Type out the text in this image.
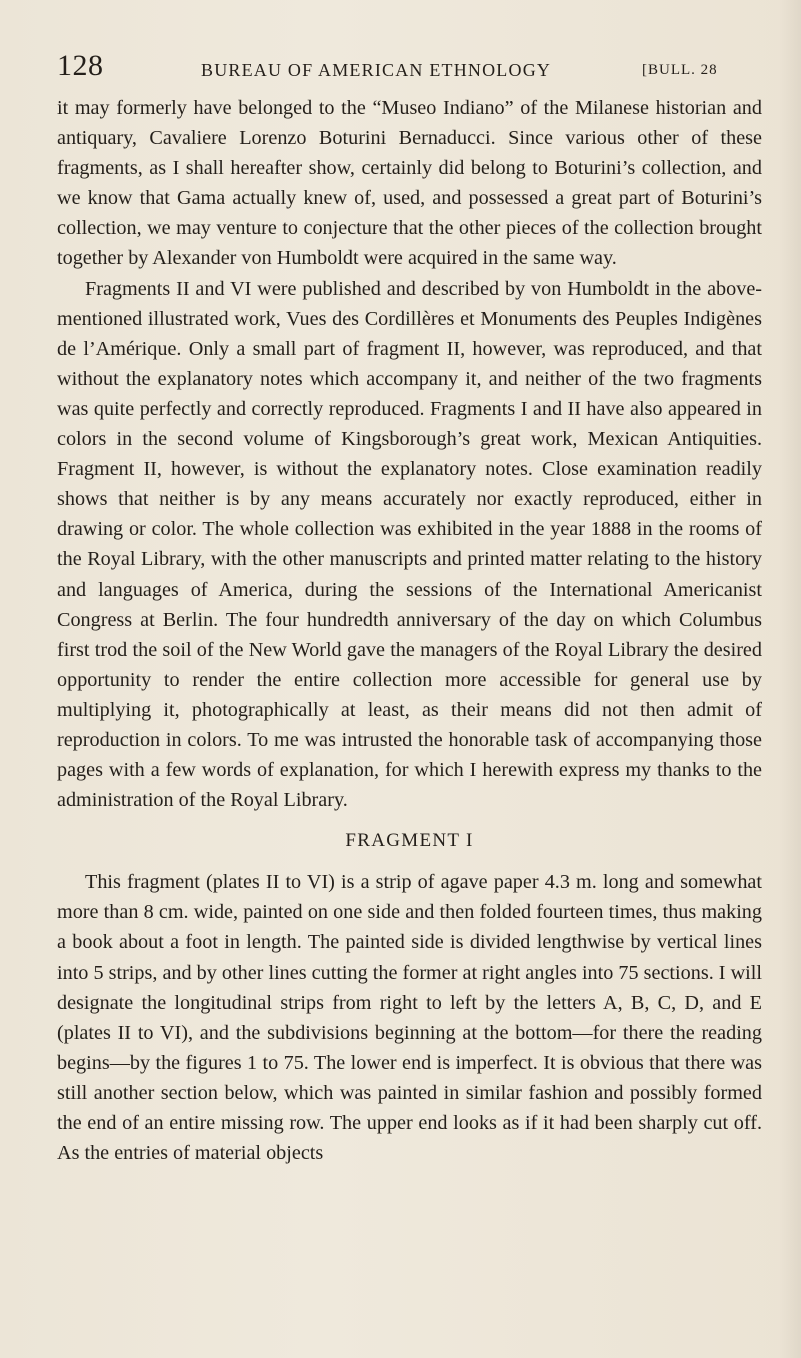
128	BUREAU OF AMERICAN ETHNOLOGY	[BULL. 28

it may formerly have belonged to the “Museo Indiano” of the Milanese historian and antiquary, Cavaliere Lorenzo Boturini Bernaducci. Since various other of these fragments, as I shall hereafter show, certainly did belong to Boturini’s collection, and we know that Gama actually knew of, used, and possessed a great part of Boturini’s collection, we may venture to conjecture that the other pieces of the collection brought together by Alexander von Humboldt were acquired in the same way.

Fragments II and VI were published and described by von Humboldt in the above-mentioned illustrated work, Vues des Cordillères et Monuments des Peuples Indigènes de l’Amérique. Only a small part of fragment II, however, was reproduced, and that without the explanatory notes which accompany it, and neither of the two fragments was quite perfectly and correctly reproduced. Fragments I and II have also appeared in colors in the second volume of Kingsborough’s great work, Mexican Antiquities. Fragment II, however, is without the explanatory notes. Close examination readily shows that neither is by any means accurately nor exactly reproduced, either in drawing or color. The whole collection was exhibited in the year 1888 in the rooms of the Royal Library, with the other manuscripts and printed matter relating to the history and languages of America, during the sessions of the International Americanist Congress at Berlin. The four hundredth anniversary of the day on which Columbus first trod the soil of the New World gave the managers of the Royal Library the desired opportunity to render the entire collection more accessible for general use by multiplying it, photographically at least, as their means did not then admit of reproduction in colors. To me was intrusted the honorable task of accompanying those pages with a few words of explanation, for which I herewith express my thanks to the administration of the Royal Library.

FRAGMENT I

This fragment (plates II to VI) is a strip of agave paper 4.3 m. long and somewhat more than 8 cm. wide, painted on one side and then folded fourteen times, thus making a book about a foot in length. The painted side is divided lengthwise by vertical lines into 5 strips, and by other lines cutting the former at right angles into 75 sections. I will designate the longitudinal strips from right to left by the letters A, B, C, D, and E (plates II to VI), and the subdivisions beginning at the bottom—for there the reading begins—by the figures 1 to 75. The lower end is imperfect. It is obvious that there was still another section below, which was painted in similar fashion and possibly formed the end of an entire missing row. The upper end looks as if it had been sharply cut off. As the entries of material objects
